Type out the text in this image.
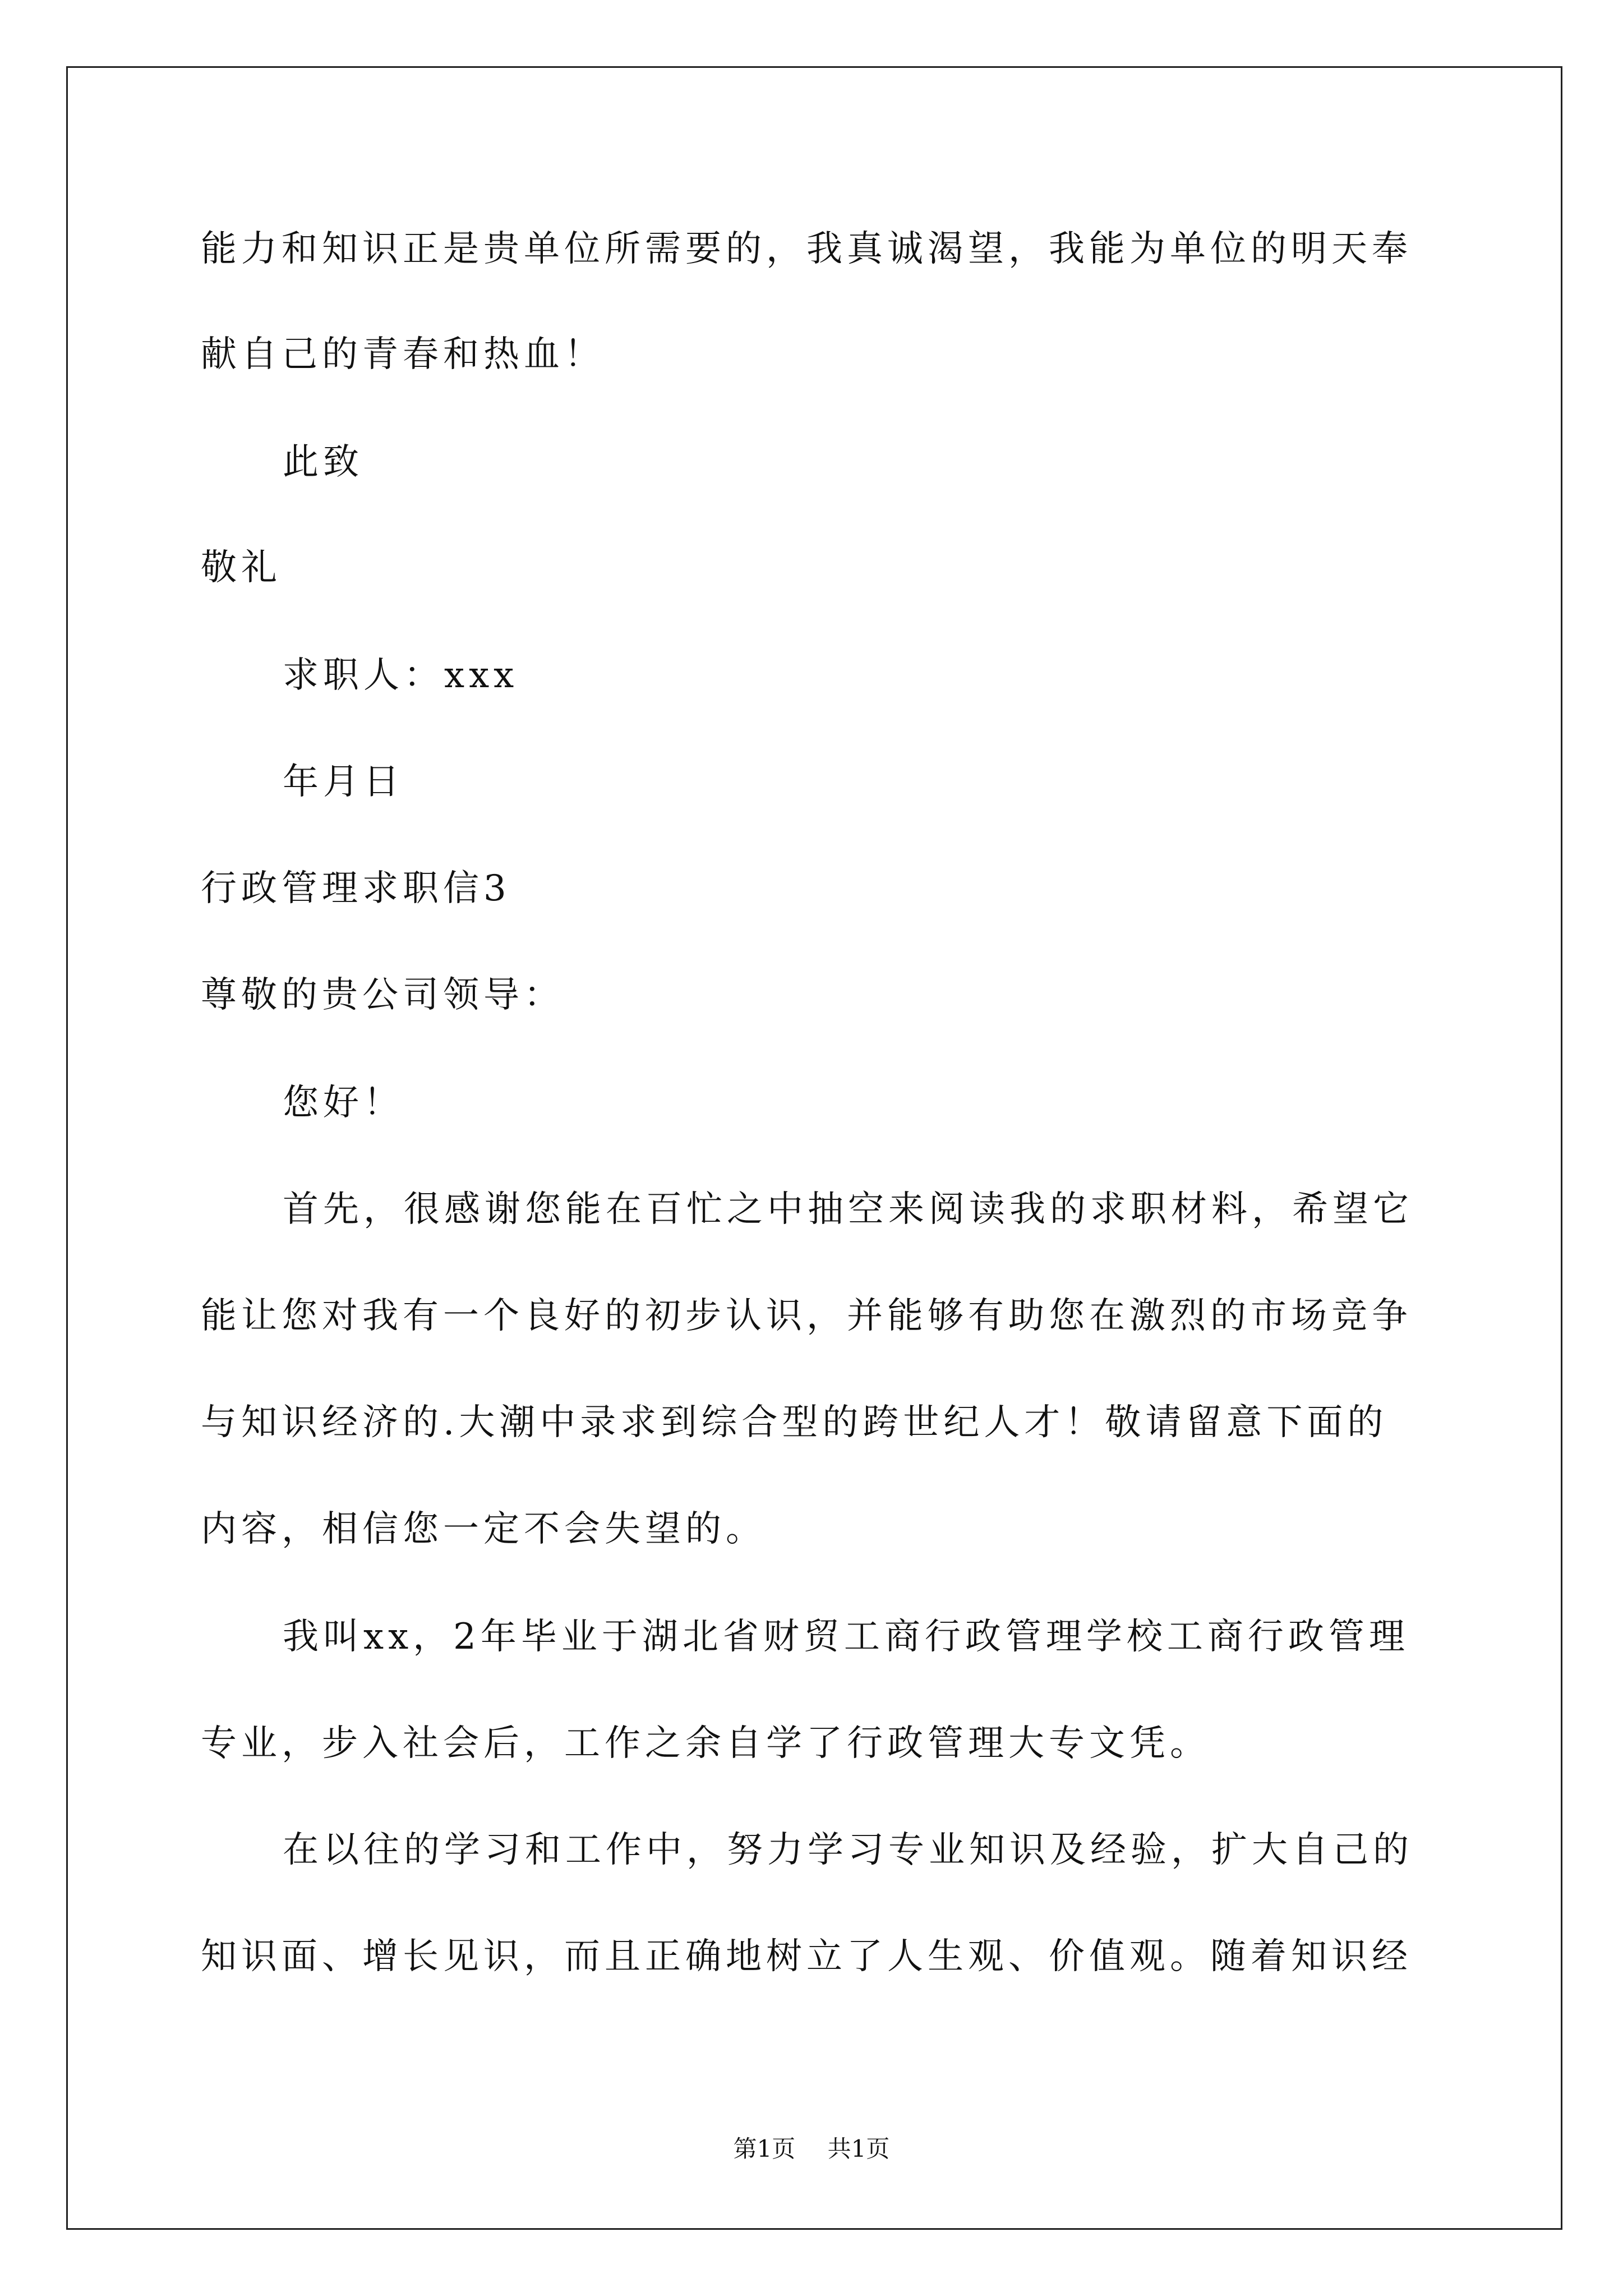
能力和知识正是贵单位所需要的，我真诚渴望，我能为单位的明天奉
献自己的青春和热血！
此致
敬礼
求职人：xxx
年月日
行政管理求职信3
尊敬的贵公司领导：
您好！
首先，很感谢您能在百忙之中抽空来阅读我的求职材料，希望它
能让您对我有一个良好的初步认识，并能够有助您在激烈的市场竞争
与知识经济的.大潮中录求到综合型的跨世纪人才！敬请留意下面的
内容，相信您一定不会失望的。
我叫xx，2年毕业于湖北省财贸工商行政管理学校工商行政管理
专业，步入社会后，工作之余自学了行政管理大专文凭。
在以往的学习和工作中，努力学习专业知识及经验，扩大自己的
知识面、增长见识，而且正确地树立了人生观、价值观。随着知识经
第1页 共1页
